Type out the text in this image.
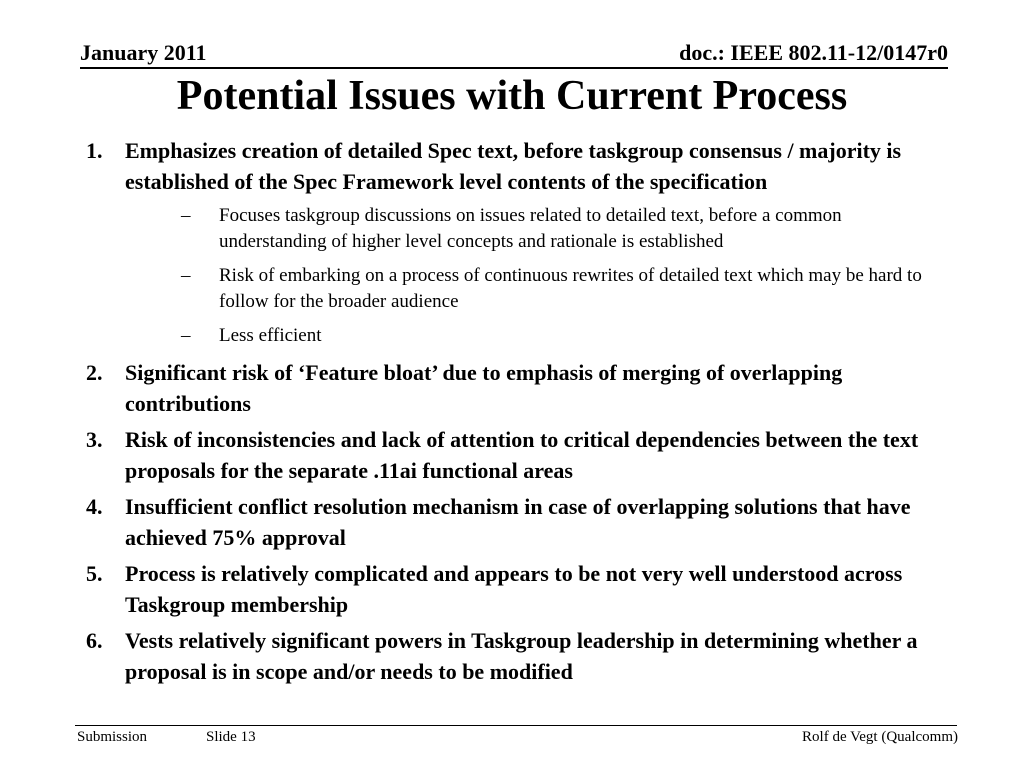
January 2011	doc.: IEEE 802.11-12/0147r0
Potential Issues with Current Process
1. Emphasizes creation of detailed Spec text, before taskgroup consensus / majority is established of the Spec Framework level contents of the specification
– Focuses taskgroup discussions on issues related to detailed text, before a common understanding of higher level concepts and rationale is established
– Risk of embarking on a process of continuous rewrites of detailed text which may be hard to follow for the broader audience
– Less efficient
2. Significant risk of ‘Feature bloat’ due to emphasis of merging of overlapping contributions
3. Risk of inconsistencies and lack of attention to critical dependencies between the text proposals for the separate .11ai functional areas
4. Insufficient conflict resolution mechanism in case of overlapping solutions that have achieved 75% approval
5. Process is relatively complicated and appears to be not very well understood across Taskgroup membership
6. Vests relatively significant powers in Taskgroup leadership in determining whether a proposal is in scope and/or needs to be modified
Submission	Slide 13	Rolf de Vegt (Qualcomm)
